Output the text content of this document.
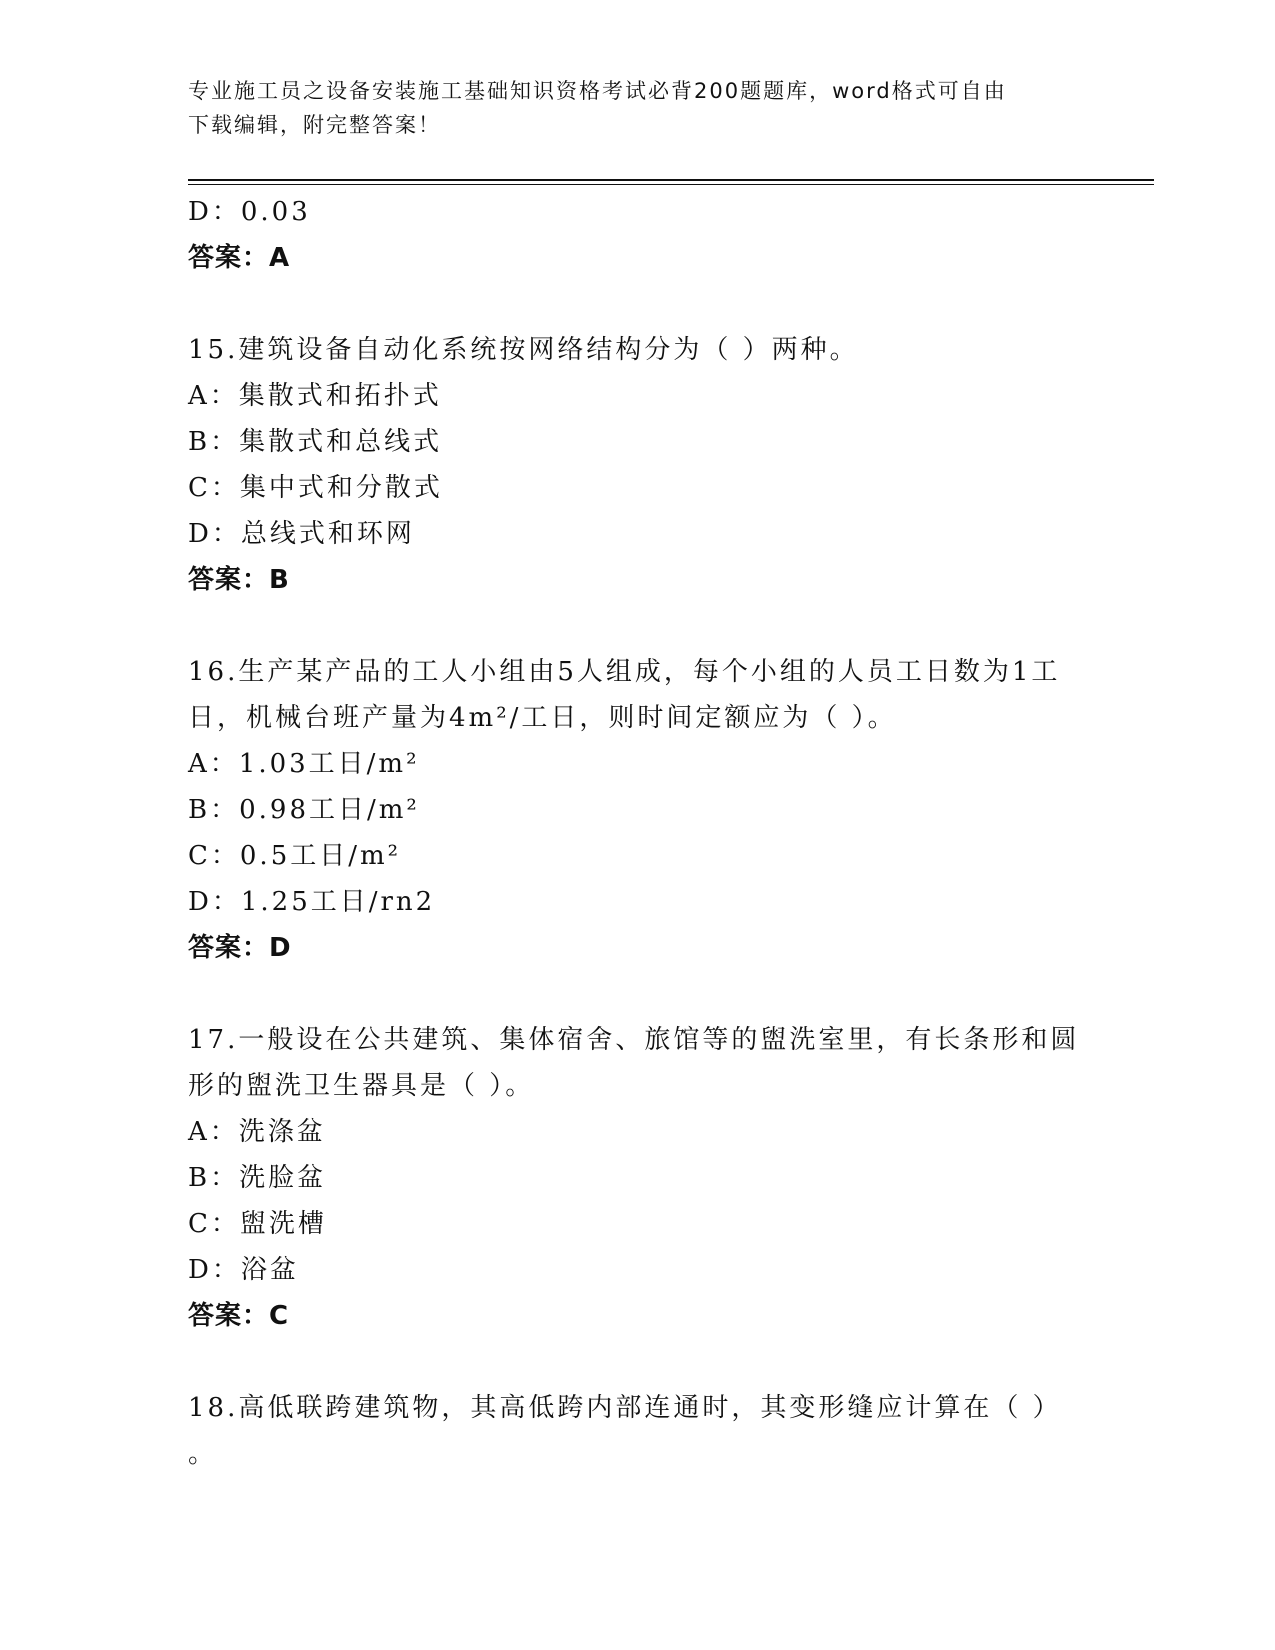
专业施工员之设备安装施工基础知识资格考试必背200题题库，word格式可自由
下载编辑，附完整答案！
D：0.03
答案：A
15.建筑设备自动化系统按网络结构分为（ ）两种。
A：集散式和拓扑式
B：集散式和总线式
C：集中式和分散式
D：总线式和环网
答案：B
16.生产某产品的工人小组由5人组成，每个小组的人员工日数为1工
日，机械台班产量为4m²/工日，则时间定额应为（ ）。
A：1.03工日/m²
B：0.98工日/m²
C：0.5工日/m²
D：1.25工日/rn2
答案：D
17.一般设在公共建筑、集体宿舍、旅馆等的盥洗室里，有长条形和圆
形的盥洗卫生器具是（ ）。
A：洗涤盆
B：洗脸盆
C：盥洗槽
D：浴盆
答案：C
18.高低联跨建筑物，其高低跨内部连通时，其变形缝应计算在（ ）
。
